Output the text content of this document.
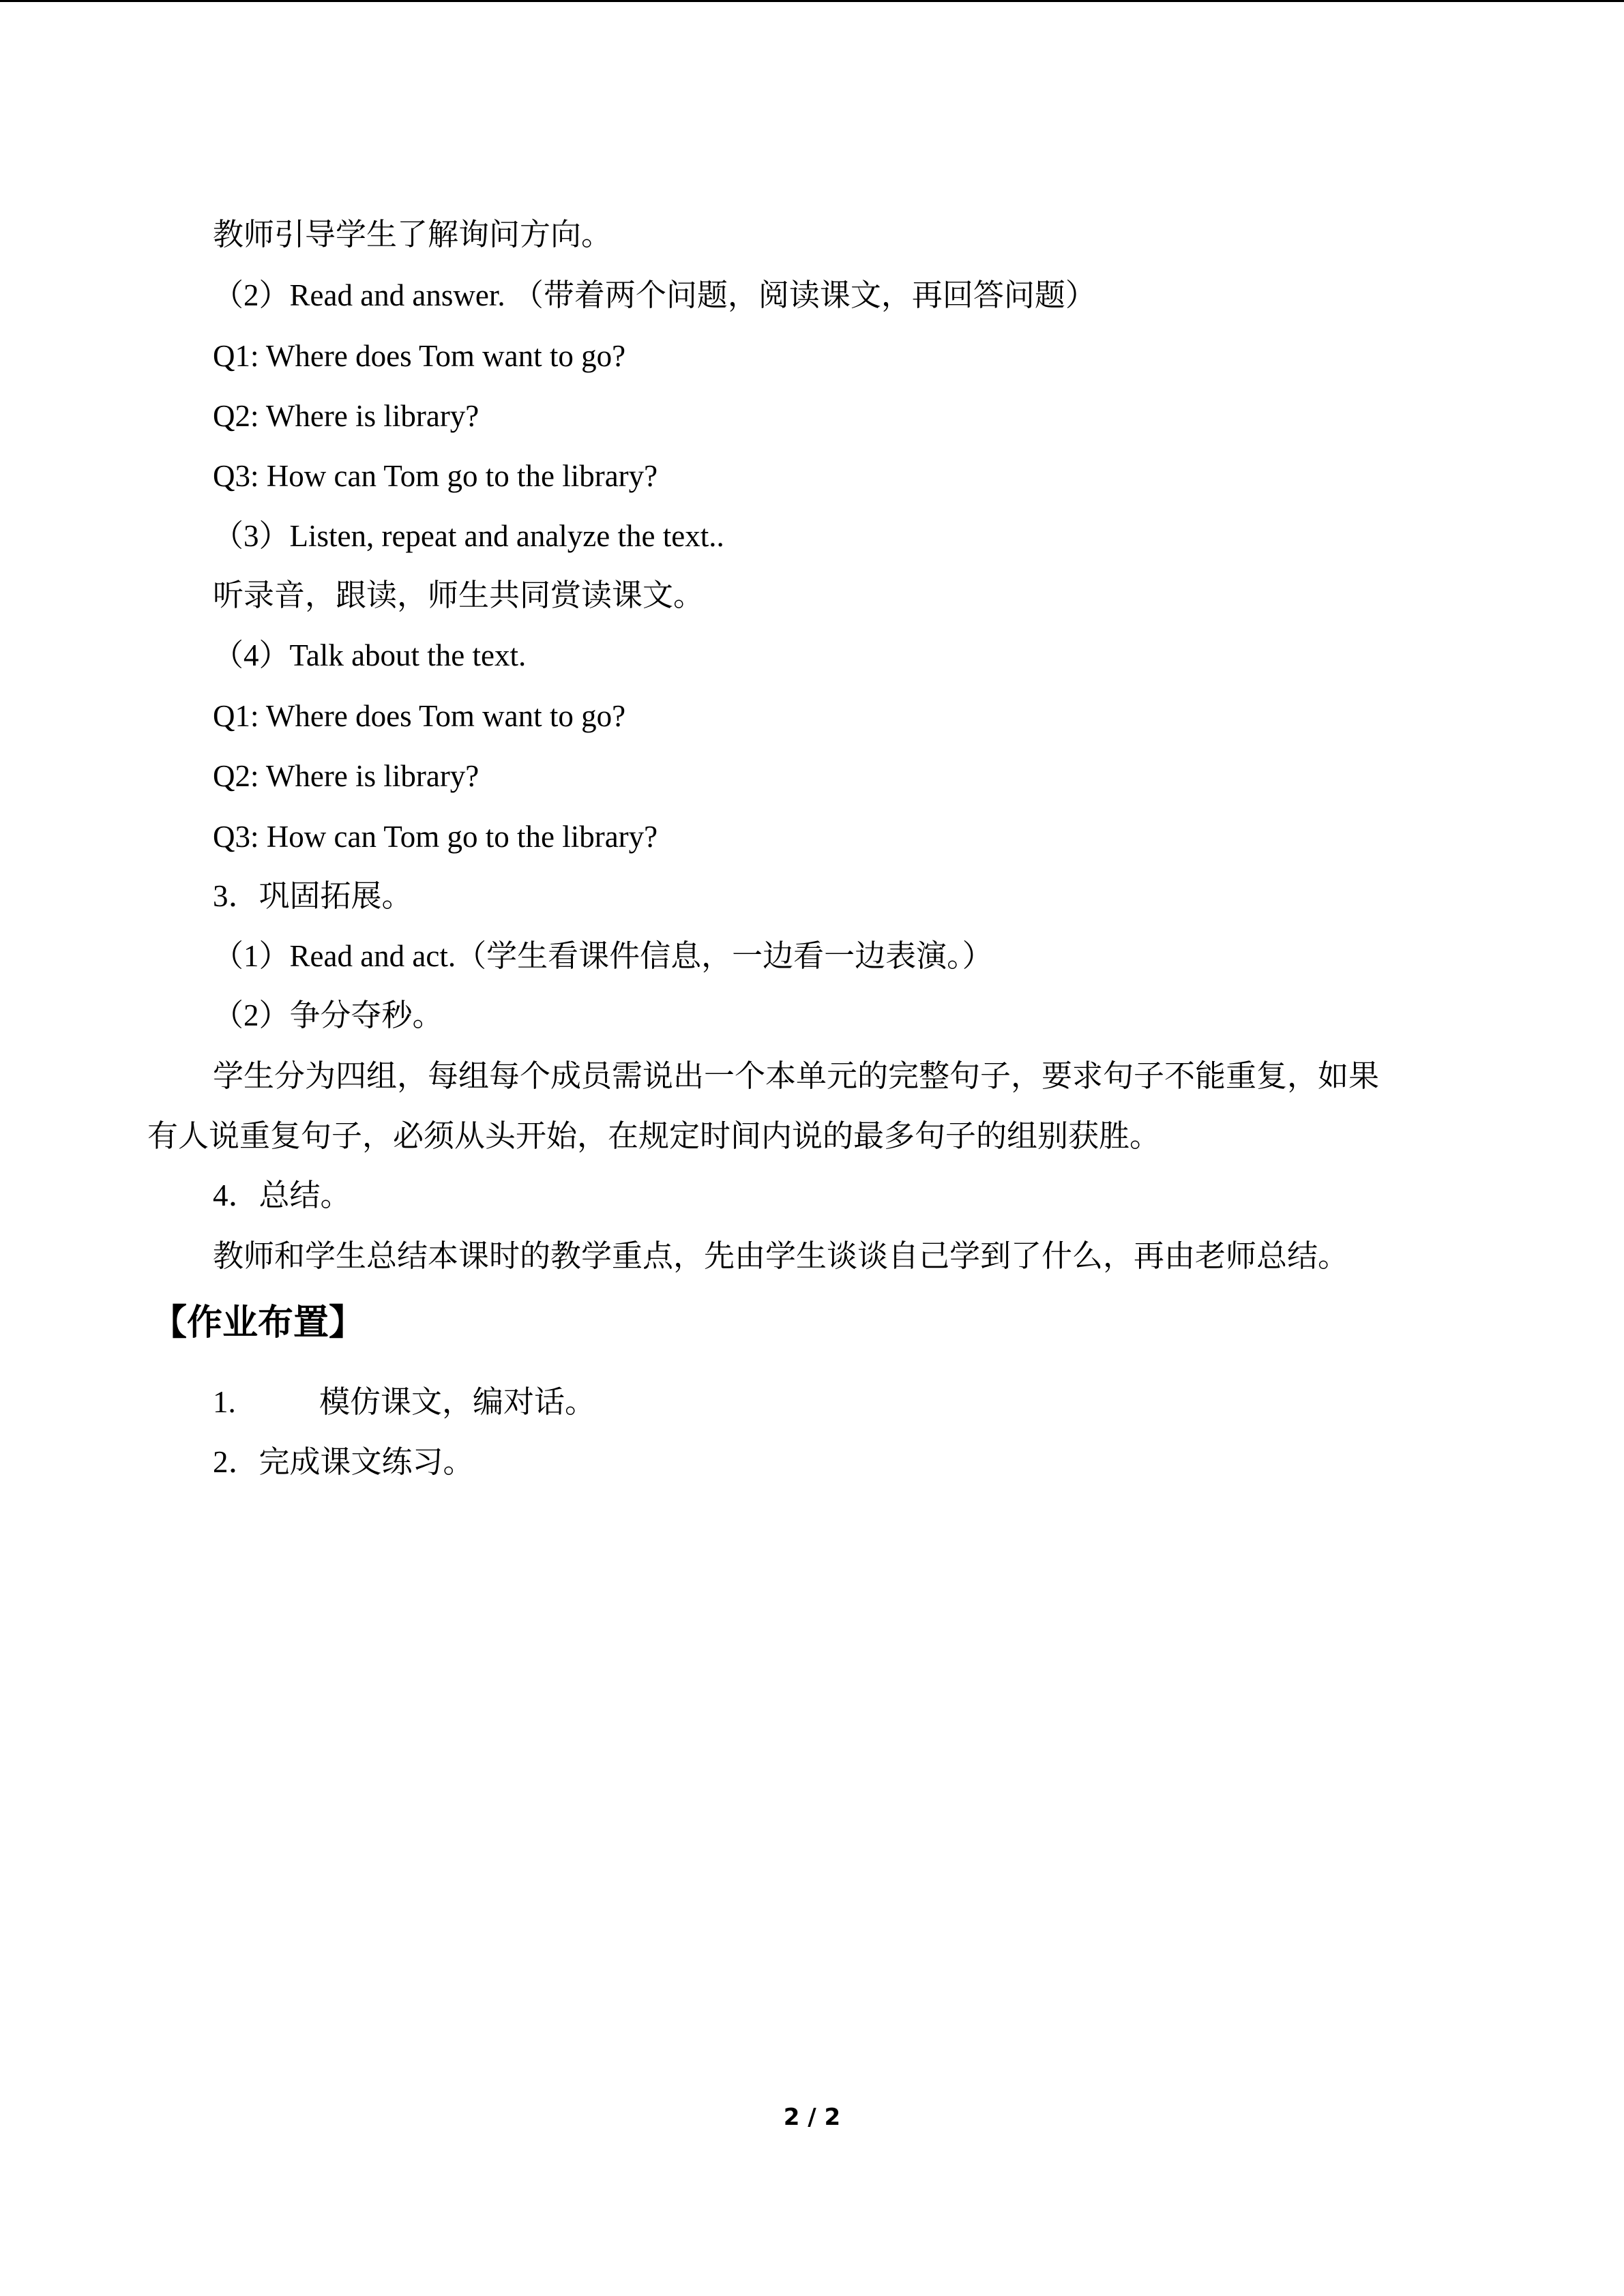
教师引导学生了解询问方向。
（2）Read and answer. （带着两个问题，阅读课文，再回答问题）
Q1: Where does Tom want to go?
Q2: Where is library?
Q3: How can Tom go to the library?
（3）Listen, repeat and analyze the text..
听录音，跟读，师生共同赏读课文。
（4）Talk about the text.
Q1: Where does Tom want to go?
Q2: Where is library?
Q3: How can Tom go to the library?
3．巩固拓展。
（1）Read and act.（学生看课件信息，一边看一边表演。）
（2）争分夺秒。
学生分为四组，每组每个成员需说出一个本单元的完整句子，要求句子不能重复，如果
有人说重复句子，必须从头开始，在规定时间内说的最多句子的组别获胜。
4．总结。
教师和学生总结本课时的教学重点，先由学生谈谈自己学到了什么，再由老师总结。
【作业布置】
1.	模仿课文，编对话。
2．完成课文练习。
2 / 2
